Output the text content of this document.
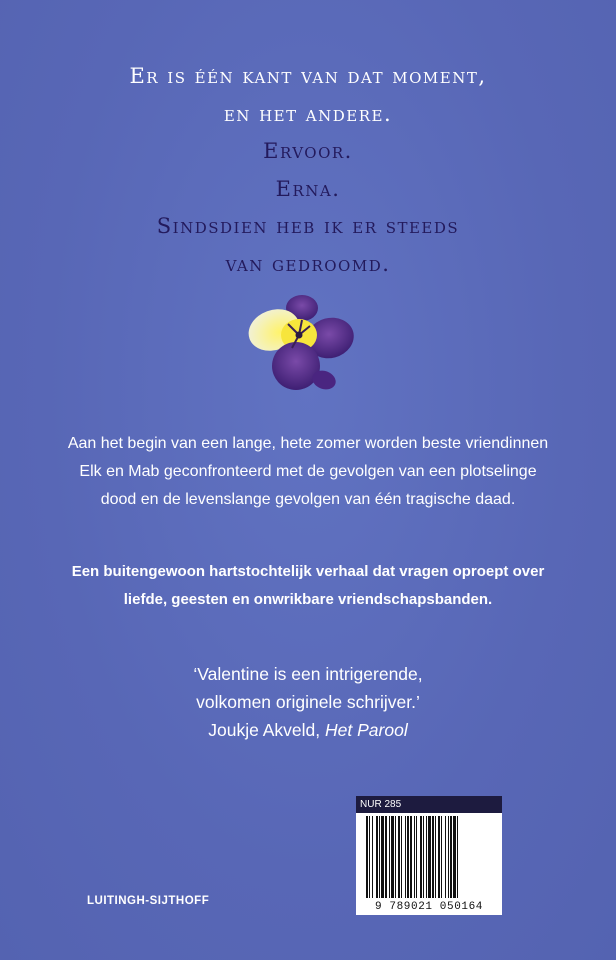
Er is één kant van dat moment,
en het andere.
Ervoor.
Erna.
Sindsdien heb ik er steeds
van gedroomd.

Aan het begin van een lange, hete zomer worden beste vriendinnen Elk en Mab geconfronteerd met de gevolgen van een plotselinge dood en de levenslange gevolgen van één tragische daad.

Een buitengewoon hartstochtelijk verhaal dat vragen oproept over liefde, geesten en onwrikbare vriendschapsbanden.

‘Valentine is een intrigerende,
volkomen originele schrijver.’
Joukje Akveld, Het Parool
LUITINGH-SIJTHOFF
NUR 285
9 789021 050164
